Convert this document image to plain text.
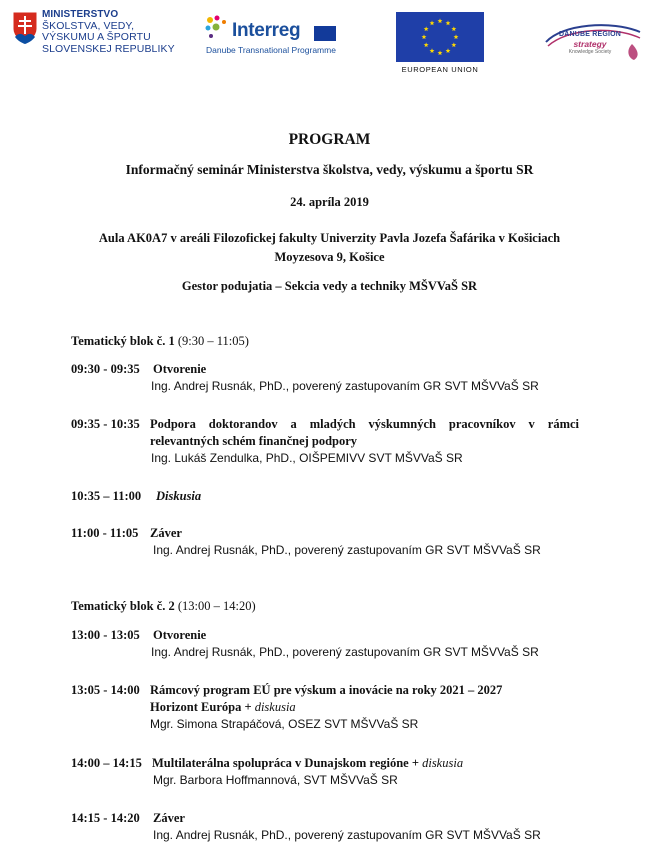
MINISTERSTVO
ŠKOLSTVA, VEDY,
VÝSKUMU A ŠPORTU
SLOVENSKEJ REPUBLIKY
Interreg
Danube Transnational Programme
EUROPEAN UNION
DANUBE REGION
strategy
Knowledge Society
PROGRAM
Informačný seminár Ministerstva školstva, vedy, výskumu a športu SR
24. apríla 2019
Aula AK0A7 v areáli Filozofickej fakulty Univerzity Pavla Jozefa Šafárika v Košiciach
Moyzesova 9, Košice
Gestor podujatia – Sekcia vedy a techniky MŠVVaŠ SR
Tematický blok č. 1 (9:30 – 11:05)
09:30 - 09:35 Otvorenie
Ing. Andrej Rusnák, PhD., poverený zastupovaním GR SVT MŠVVaŠ SR
09:35 - 10:35 Podpora doktorandov a mladých výskumných pracovníkov v rámci
relevantných schém finančnej podpory
Ing. Lukáš Zendulka, PhD., OIŠPEMIVV SVT MŠVVaŠ SR
10:35 – 11:00 Diskusia
11:00 - 11:05 Záver
Ing. Andrej Rusnák, PhD., poverený zastupovaním GR SVT MŠVVaŠ SR
Tematický blok č. 2 (13:00 – 14:20)
13:00 - 13:05 Otvorenie
Ing. Andrej Rusnák, PhD., poverený zastupovaním GR SVT MŠVVaŠ SR
13:05 - 14:00 Rámcový program EÚ pre výskum a inovácie na roky 2021 – 2027
Horizont Európa + diskusia
Mgr. Simona Strapáčová, OSEZ SVT MŠVVaŠ SR
14:00 – 14:15 Multilaterálna spolupráca v Dunajskom regióne + diskusia
Mgr. Barbora Hoffmannová, SVT MŠVVaŠ SR
14:15 - 14:20 Záver
Ing. Andrej Rusnák, PhD., poverený zastupovaním GR SVT MŠVVaŠ SR
